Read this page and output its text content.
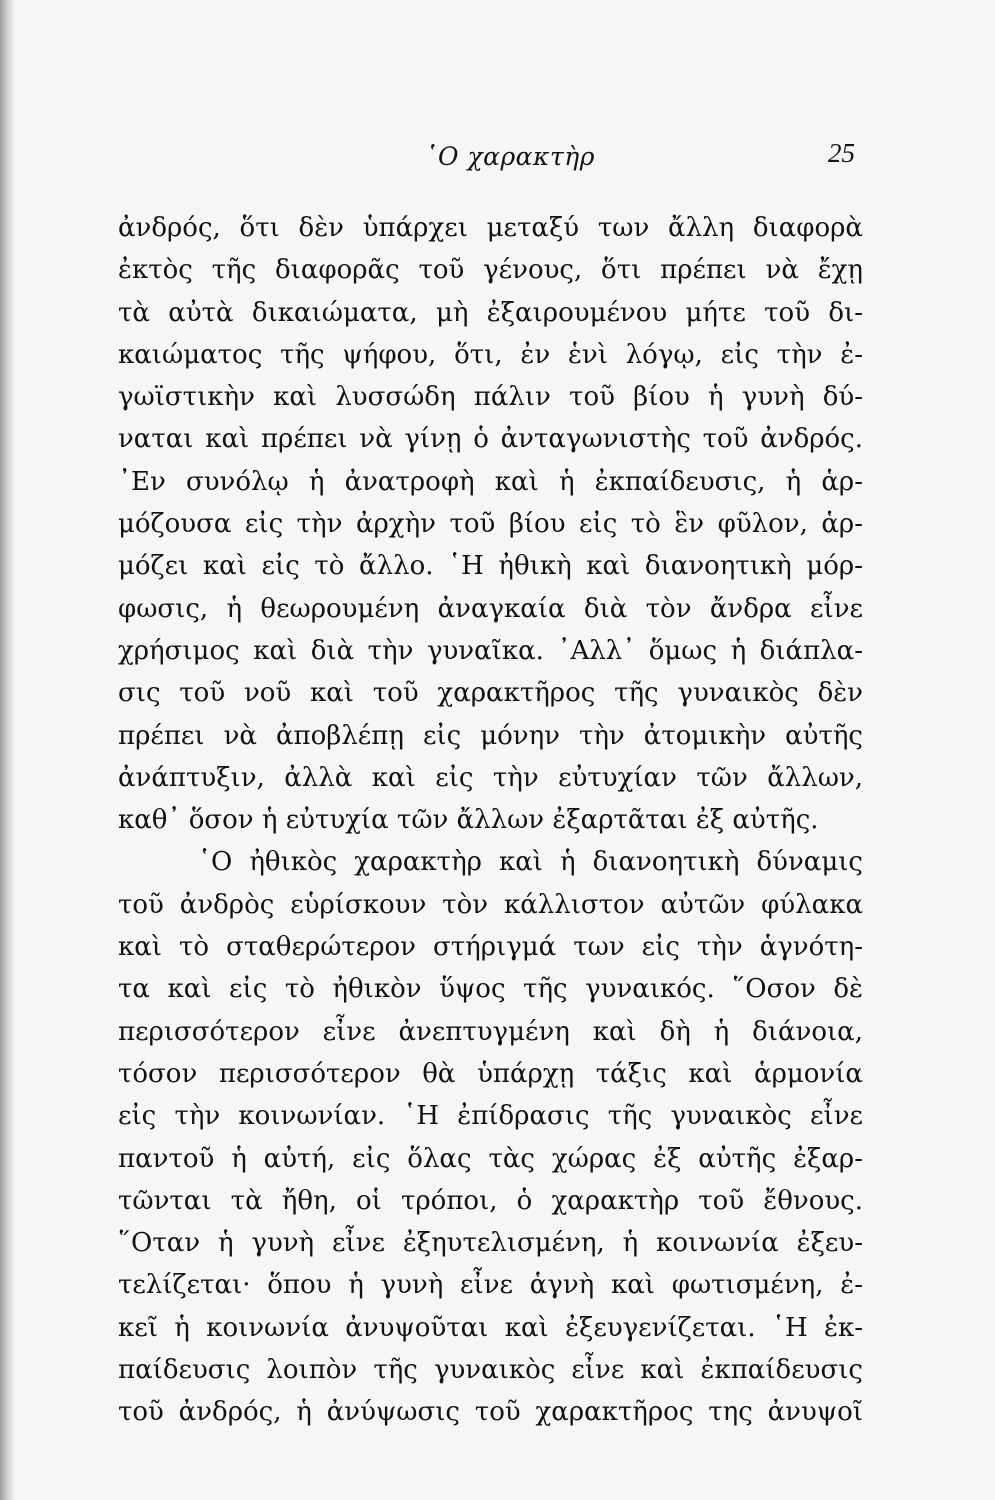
῾Ο χαρακτὴρ	25
ἀνδρός, ὅτι δὲν ὑπάρχει μεταξύ των ἄλλη διαφορὰ
ἐκτὸς τῆς διαφορᾶς τοῦ γένους, ὅτι πρέπει νὰ ἔχῃ
τὰ αὐτὰ δικαιώματα, μὴ ἐξαιρουμένου μήτε τοῦ δι-
καιώματος τῆς ψήφου, ὅτι, ἐν ἑνὶ λόγῳ, εἰς τὴν ἐ-
γωϊστικὴν καὶ λυσσώδη πάλιν τοῦ βίου ἡ γυνὴ δύ-
ναται καὶ πρέπει νὰ γίνῃ ὁ ἀνταγωνιστὴς τοῦ ἀνδρός.
᾿Εν συνόλῳ ἡ ἀνατροφὴ καὶ ἡ ἐκπαίδευσις, ἡ ἁρ-
μόζουσα εἰς τὴν ἀρχὴν τοῦ βίου εἰς τὸ ἓν φῦλον, ἁρ-
μόζει καὶ εἰς τὸ ἄλλο. ῾Η ἠθικὴ καὶ διανοητικὴ μόρ-
φωσις, ἡ θεωρουμένη ἀναγκαία διὰ τὸν ἄνδρα εἶνε
χρήσιμος καὶ διὰ τὴν γυναῖκα. ᾿Αλλ᾿ ὅμως ἡ διάπλα-
σις τοῦ νοῦ καὶ τοῦ χαρακτῆρος τῆς γυναικὸς δὲν
πρέπει νὰ ἀποβλέπῃ εἰς μόνην τὴν ἀτομικὴν αὐτῆς
ἀνάπτυξιν, ἀλλὰ καὶ εἰς τὴν εὐτυχίαν τῶν ἄλλων,
καθ᾿ ὅσον ἡ εὐτυχία τῶν ἄλλων ἐξαρτᾶται ἐξ αὐτῆς.
῾Ο ἠθικὸς χαρακτὴρ καὶ ἡ διανοητικὴ δύναμις
τοῦ ἀνδρὸς εὑρίσκουν τὸν κάλλιστον αὐτῶν φύλακα
καὶ τὸ σταθερώτερον στήριγμά των εἰς τὴν ἁγνότη-
τα καὶ εἰς τὸ ἠθικὸν ὕψος τῆς γυναικός. ῞Οσον δὲ
περισσότερον εἶνε ἀνεπτυγμένη καὶ δὴ ἡ διάνοια,
τόσον περισσότερον θὰ ὑπάρχῃ τάξις καὶ ἁρμονία
εἰς τὴν κοινωνίαν. ῾Η ἐπίδρασις τῆς γυναικὸς εἶνε
παντοῦ ἡ αὐτή, εἰς ὅλας τὰς χώρας ἐξ αὐτῆς ἐξαρ-
τῶνται τὰ ἤθη, οἱ τρόποι, ὁ χαρακτὴρ τοῦ ἔθνους.
῞Οταν ἡ γυνὴ εἶνε ἐξηυτελισμένη, ἡ κοινωνία ἐξευ-
τελίζεται· ὅπου ἡ γυνὴ εἶνε ἁγνὴ καὶ φωτισμένη, ἐ-
κεῖ ἡ κοινωνία ἀνυψοῦται καὶ ἐξευγενίζεται. ῾Η ἐκ-
παίδευσις λοιπὸν τῆς γυναικὸς εἶνε καὶ ἐκπαίδευσις
τοῦ ἀνδρός, ἡ ἀνύψωσις τοῦ χαρακτῆρος της ἀνυψοῖ
